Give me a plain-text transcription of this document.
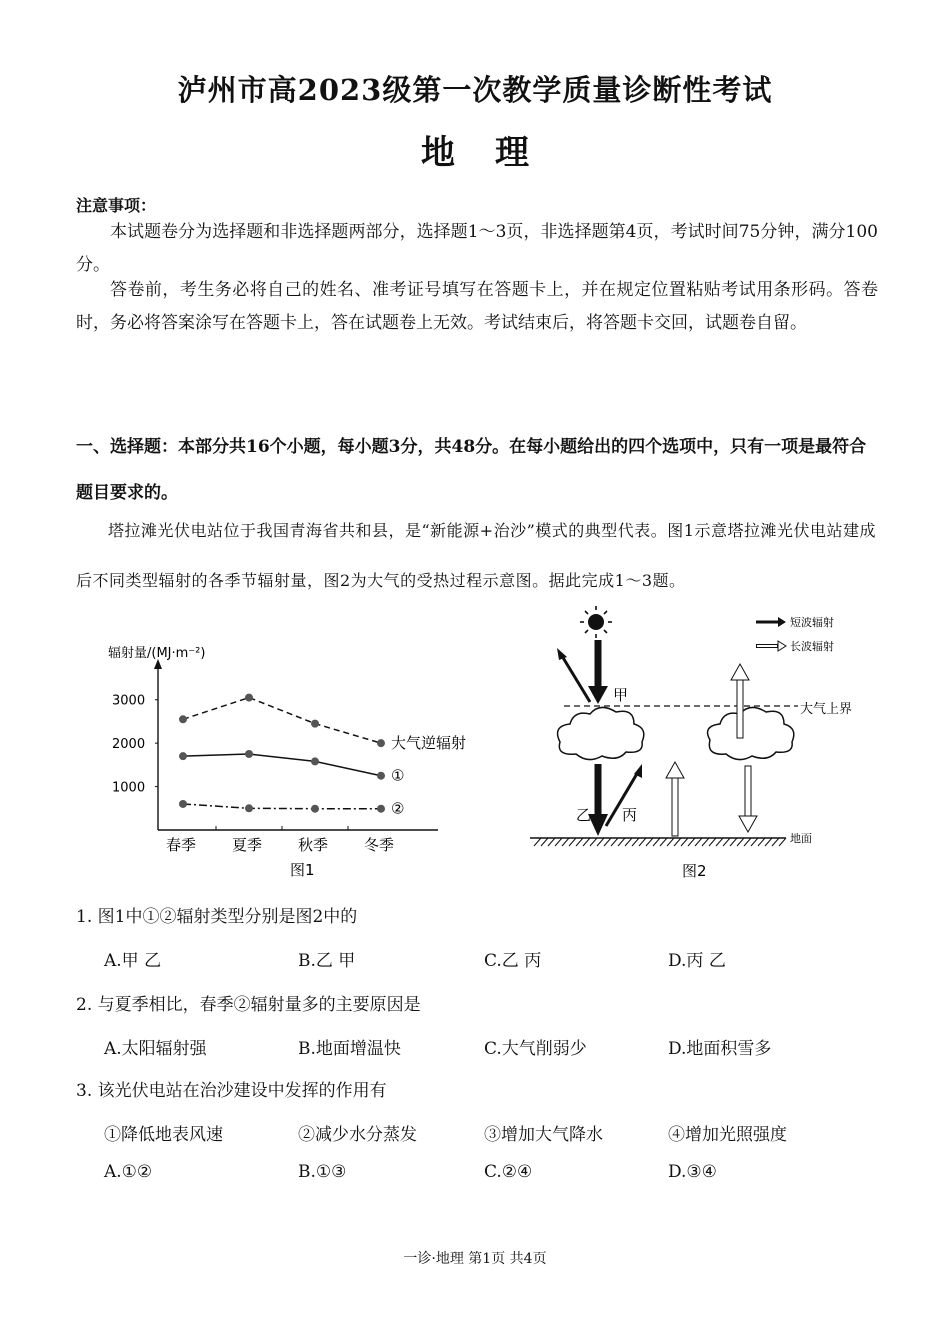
泸州市高2023级第一次教学质量诊断性考试
地理
注意事项：
本试题卷分为选择题和非选择题两部分，选择题1～3页，非选择题第4页，考试时间75分钟，满分100分。
答卷前，考生务必将自己的姓名、准考证号填写在答题卡上，并在规定位置粘贴考试用条形码。答卷时，务必将答案涂写在答题卡上，答在试题卷上无效。考试结束后，将答题卡交回，试题卷自留。
一、选择题：本部分共16个小题，每小题3分，共48分。在每小题给出的四个选项中，只有一项是最符合题目要求的。
塔拉滩光伏电站位于我国青海省共和县，是“新能源+治沙”模式的典型代表。图1示意塔拉滩光伏电站建成后不同类型辐射的各季节辐射量，图2为大气的受热过程示意图。据此完成1～3题。
辐射量/(MJ·m⁻²)
1000
2000
3000
春季 夏季 秋季 冬季
大气逆辐射
①
②
图1
短波辐射
长波辐射
大气上界
甲
乙 丙
地面
图2
1. 图1中①②辐射类型分别是图2中的
A.甲 乙	B.乙 甲	C.乙 丙	D.丙 乙
2. 与夏季相比，春季②辐射量多的主要原因是
A.太阳辐射强	B.地面增温快	C.大气削弱少	D.地面积雪多
3. 该光伏电站在治沙建设中发挥的作用有
①降低地表风速	②减少水分蒸发	③增加大气降水	④增加光照强度
A.①②	B.①③	C.②④	D.③④
一诊·地理 第1页 共4页
